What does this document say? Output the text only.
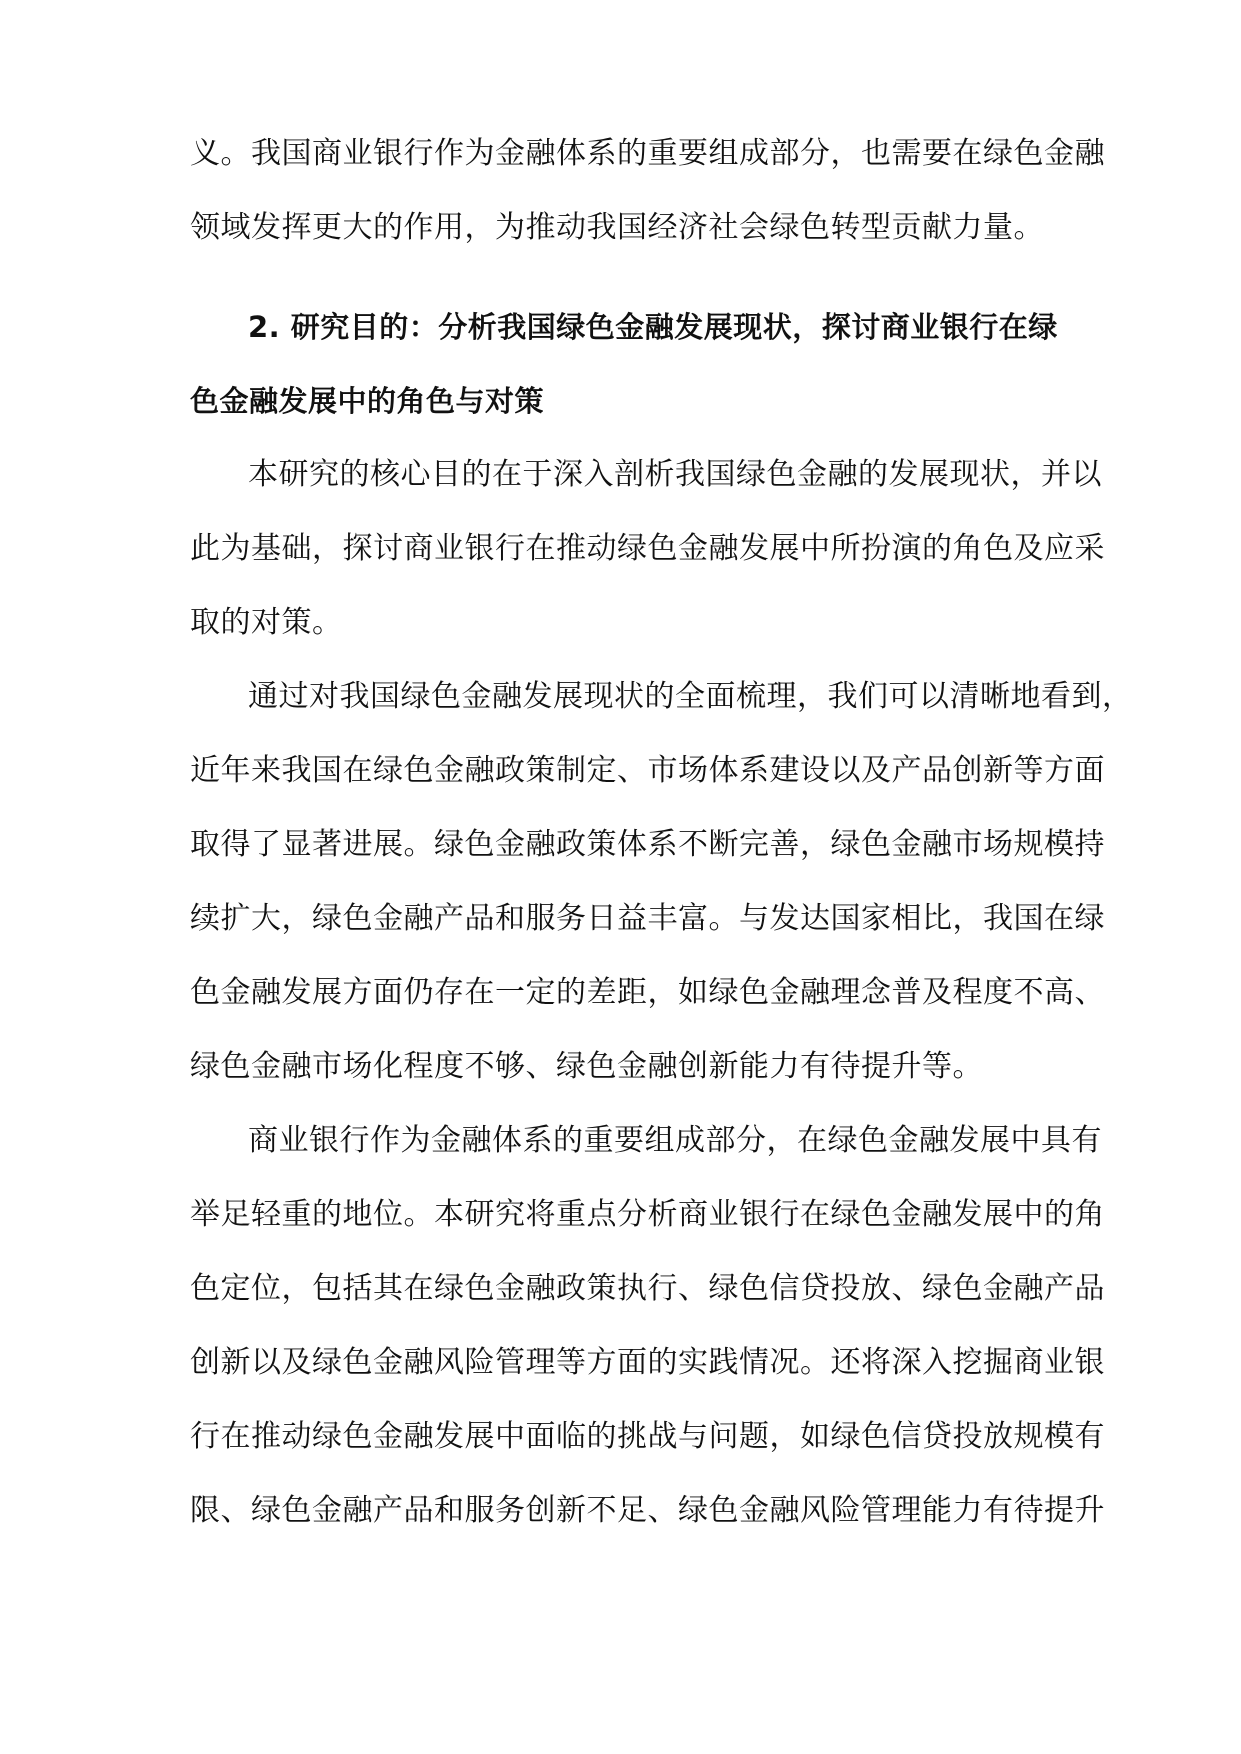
义。我国商业银行作为金融体系的重要组成部分，也需要在绿色金融
领域发挥更大的作用，为推动我国经济社会绿色转型贡献力量。
2. 研究目的：分析我国绿色金融发展现状，探讨商业银行在绿
色金融发展中的角色与对策
本研究的核心目的在于深入剖析我国绿色金融的发展现状，并以
此为基础，探讨商业银行在推动绿色金融发展中所扮演的角色及应采
取的对策。
通过对我国绿色金融发展现状的全面梳理，我们可以清晰地看到，
近年来我国在绿色金融政策制定、市场体系建设以及产品创新等方面
取得了显著进展。绿色金融政策体系不断完善，绿色金融市场规模持
续扩大，绿色金融产品和服务日益丰富。与发达国家相比，我国在绿
色金融发展方面仍存在一定的差距，如绿色金融理念普及程度不高、
绿色金融市场化程度不够、绿色金融创新能力有待提升等。
商业银行作为金融体系的重要组成部分，在绿色金融发展中具有
举足轻重的地位。本研究将重点分析商业银行在绿色金融发展中的角
色定位，包括其在绿色金融政策执行、绿色信贷投放、绿色金融产品
创新以及绿色金融风险管理等方面的实践情况。还将深入挖掘商业银
行在推动绿色金融发展中面临的挑战与问题，如绿色信贷投放规模有
限、绿色金融产品和服务创新不足、绿色金融风险管理能力有待提升
